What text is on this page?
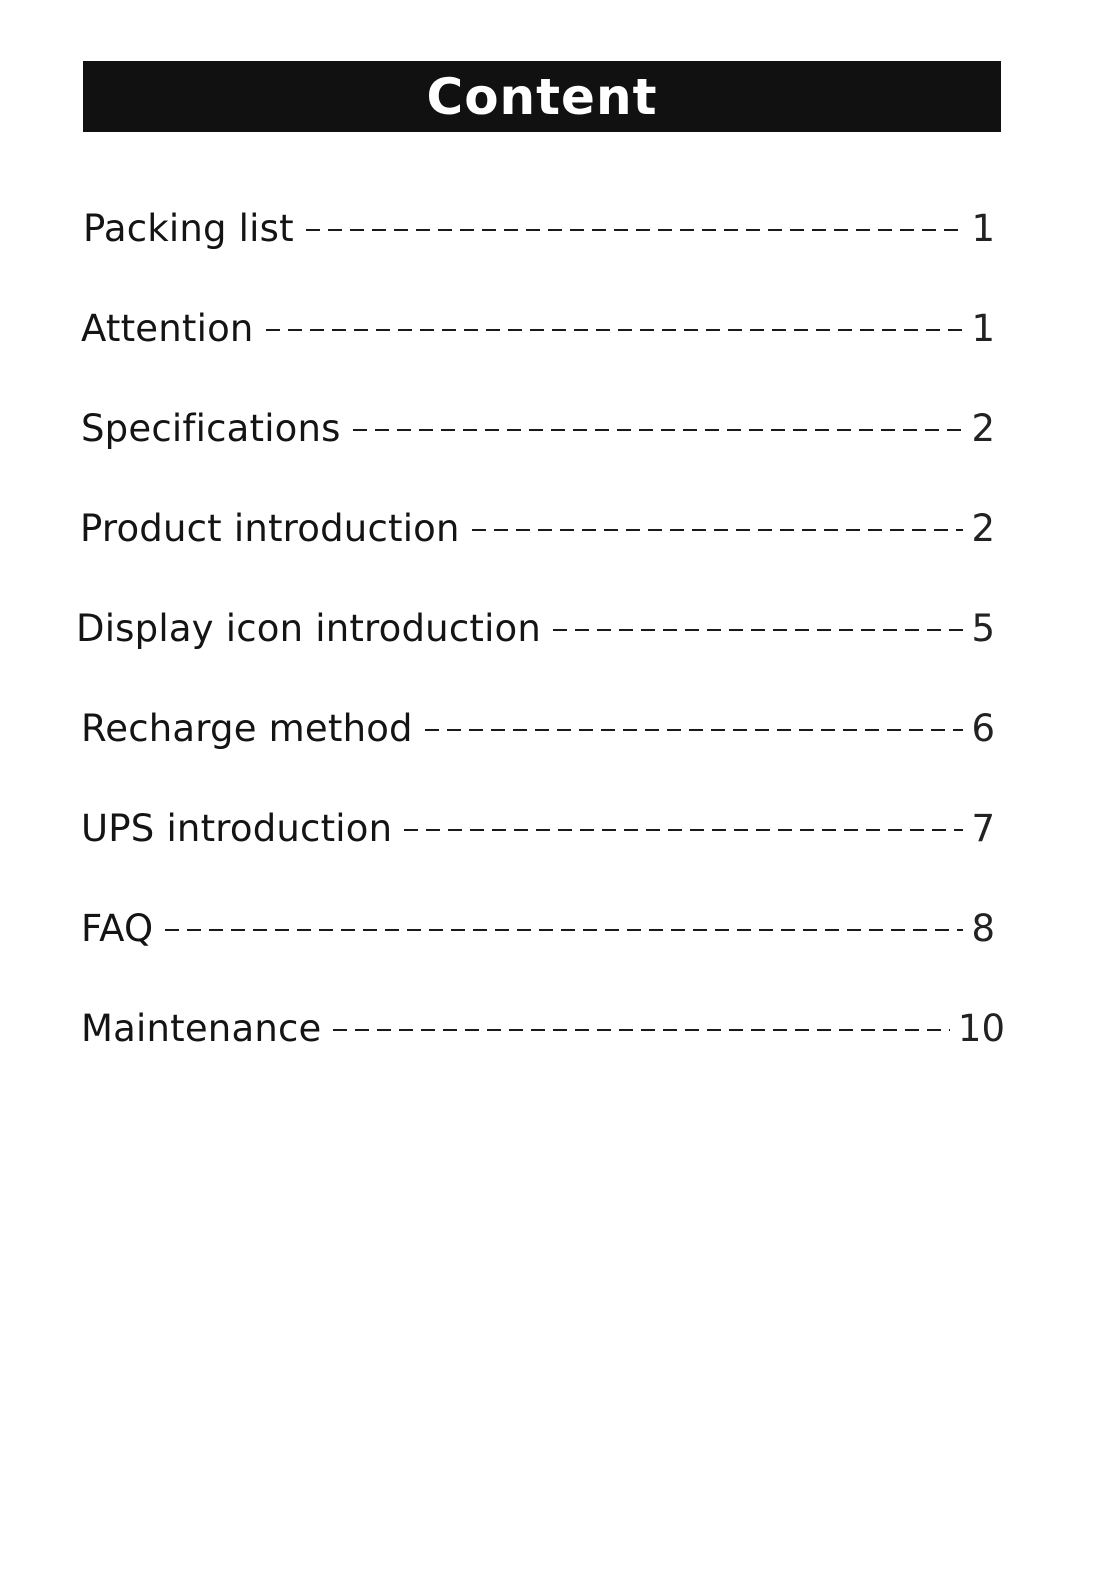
Content
Packing list	1
Attention	1
Specifications	2
Product introduction	2
Display icon introduction	5
Recharge method	6
UPS introduction	7
FAQ	8
Maintenance	10
